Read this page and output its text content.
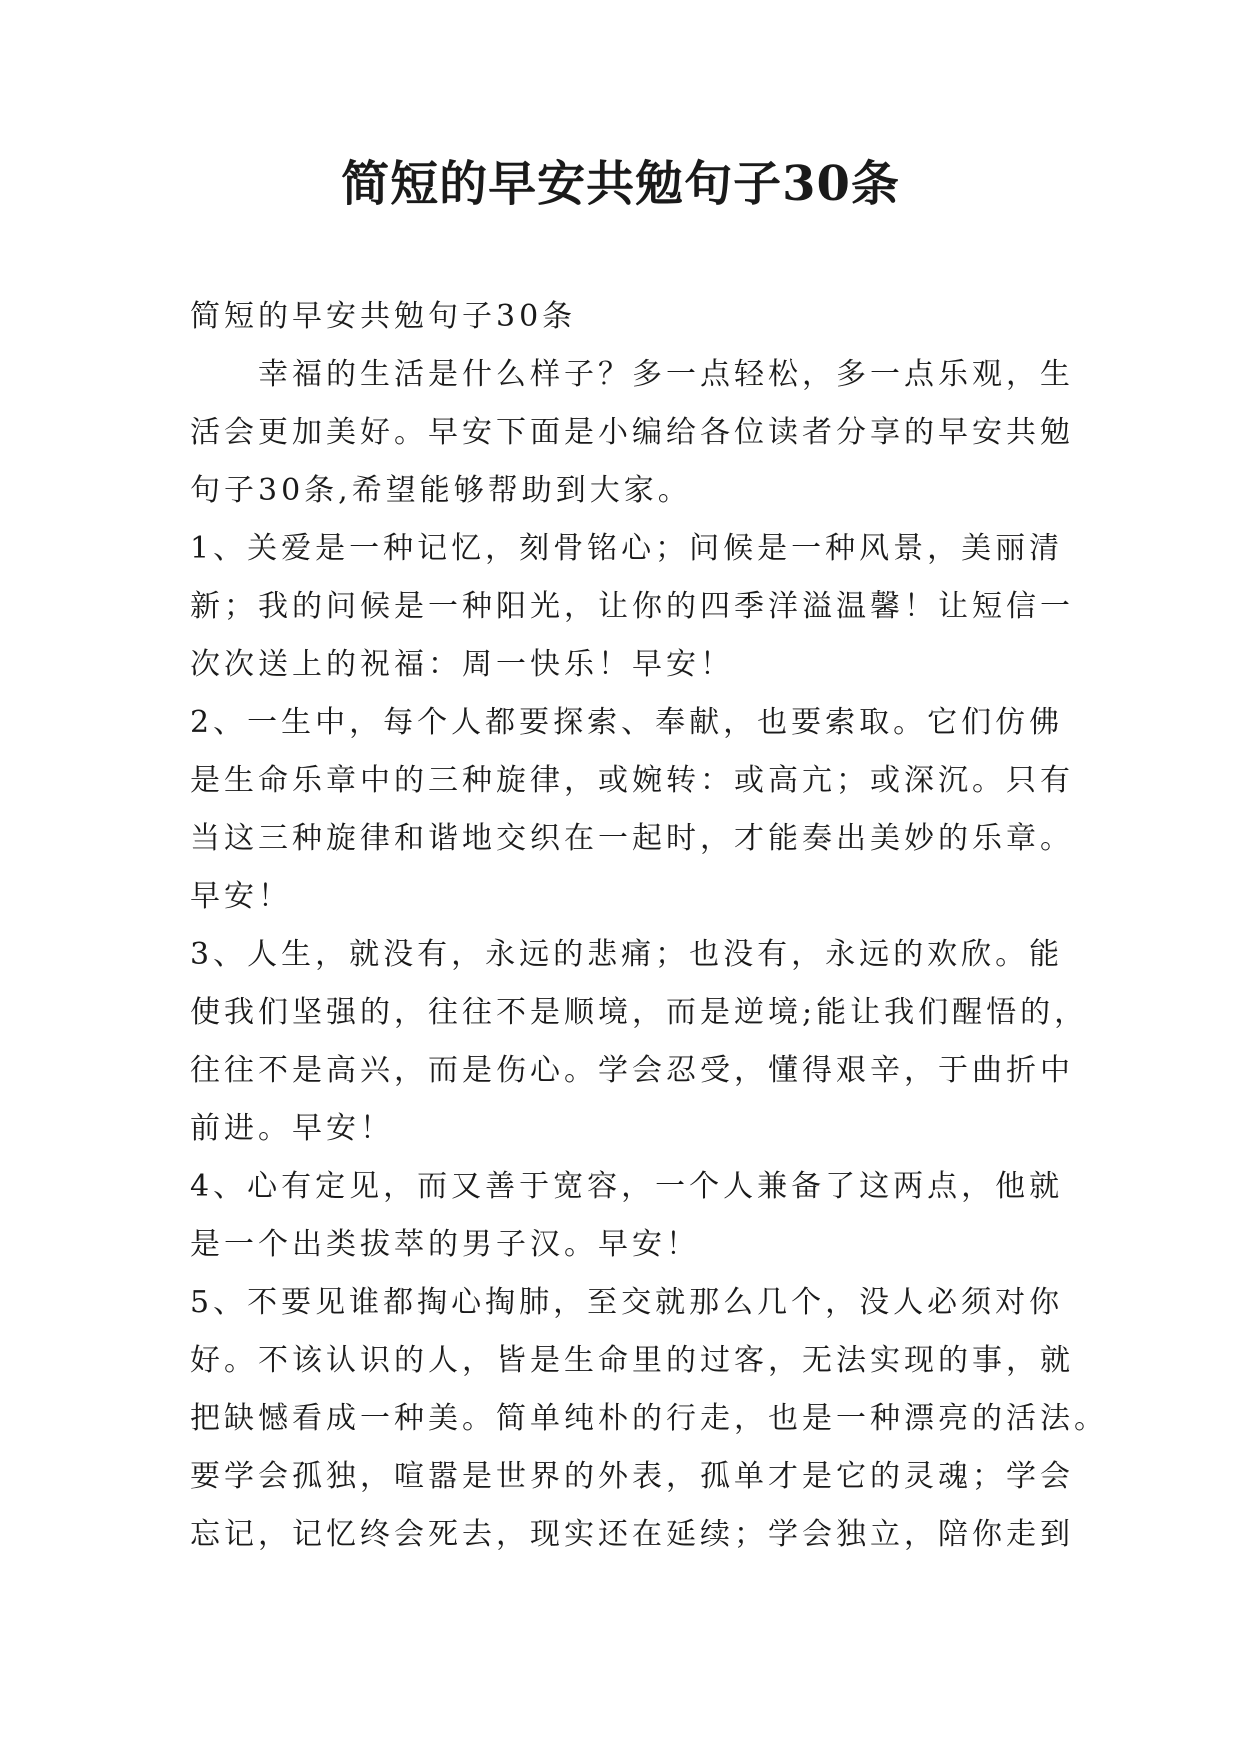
简短的早安共勉句子30条
简短的早安共勉句子30条
　　幸福的生活是什么样子？多一点轻松，多一点乐观，生
活会更加美好。早安下面是小编给各位读者分享的早安共勉
句子30条,希望能够帮助到大家。
1、关爱是一种记忆，刻骨铭心；问候是一种风景，美丽清
新；我的问候是一种阳光，让你的四季洋溢温馨！让短信一
次次送上的祝福：周一快乐！早安！
2、一生中，每个人都要探索、奉献，也要索取。它们仿佛
是生命乐章中的三种旋律，或婉转：或高亢；或深沉。只有
当这三种旋律和谐地交织在一起时，才能奏出美妙的乐章。
早安！
3、人生，就没有，永远的悲痛；也没有，永远的欢欣。能
使我们坚强的，往往不是顺境，而是逆境;能让我们醒悟的，
往往不是高兴，而是伤心。学会忍受，懂得艰辛，于曲折中
前进。早安！
4、心有定见，而又善于宽容，一个人兼备了这两点，他就
是一个出类拔萃的男子汉。早安！
5、不要见谁都掏心掏肺，至交就那么几个，没人必须对你
好。不该认识的人，皆是生命里的过客，无法实现的事，就
把缺憾看成一种美。简单纯朴的行走，也是一种漂亮的活法。
要学会孤独，喧嚣是世界的外表，孤单才是它的灵魂；学会
忘记，记忆终会死去，现实还在延续；学会独立，陪你走到
